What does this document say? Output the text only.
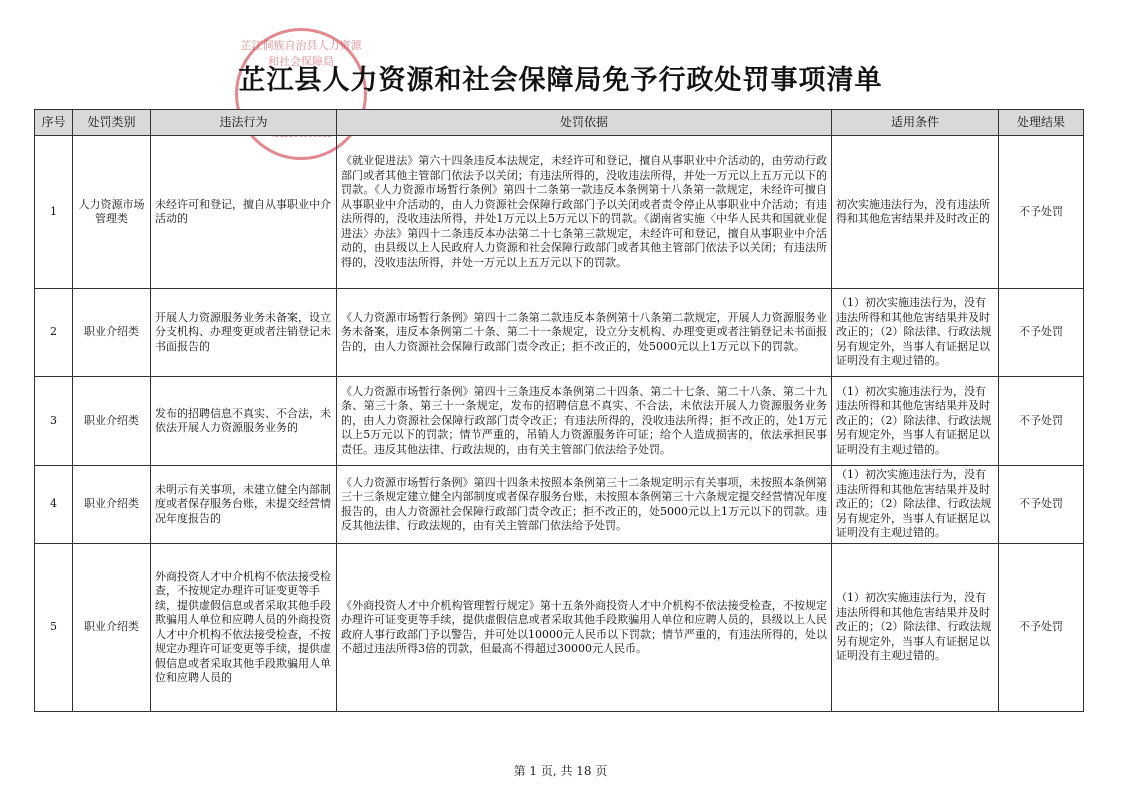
芷江侗族自治县人力资源和社会保障局
芷江县人力资源和社会保障局免予行政处罚事项清单
序号	处罚类别	违法行为	处罚依据	适用条件	处理结果
1	人力资源市场管理类	未经许可和登记，擅自从事职业中介活动的	《就业促进法》第六十四条违反本法规定，未经许可和登记，擅自从事职业中介活动的，由劳动行政部门或者其他主管部门依法予以关闭；有违法所得的，没收违法所得，并处一万元以上五万元以下的罚款。《人力资源市场暂行条例》第四十二条第一款违反本条例第十八条第一款规定，未经许可擅自从事职业中介活动的，由人力资源社会保障行政部门予以关闭或者责令停止从事职业中介活动；有违法所得的，没收违法所得，并处1万元以上5万元以下的罚款。《湖南省实施〈中华人民共和国就业促进法〉办法》第四十二条违反本办法第二十七条第三款规定，未经许可和登记，擅自从事职业中介活动的，由县级以上人民政府人力资源和社会保障行政部门或者其他主管部门依法予以关闭；有违法所得的，没收违法所得，并处一万元以上五万元以下的罚款。	初次实施违法行为，没有违法所得和其他危害结果并及时改正的	不予处罚
2	职业介绍类	开展人力资源服务业务未备案，设立分支机构、办理变更或者注销登记未书面报告的	《人力资源市场暂行条例》第四十二条第二款违反本条例第十八条第二款规定，开展人力资源服务业务未备案，违反本条例第二十条、第二十一条规定，设立分支机构、办理变更或者注销登记未书面报告的，由人力资源社会保障行政部门责令改正；拒不改正的，处5000元以上1万元以下的罚款。	（1）初次实施违法行为，没有违法所得和其他危害结果并及时改正的；（2）除法律、行政法规另有规定外，当事人有证据足以证明没有主观过错的。	不予处罚
3	职业介绍类	发布的招聘信息不真实、不合法，未依法开展人力资源服务业务的	《人力资源市场暂行条例》第四十三条违反本条例第二十四条、第二十七条、第二十八条、第二十九条、第三十条、第三十一条规定，发布的招聘信息不真实、不合法，未依法开展人力资源服务业务的，由人力资源社会保障行政部门责令改正；有违法所得的，没收违法所得；拒不改正的，处1万元以上5万元以下的罚款；情节严重的，吊销人力资源服务许可证；给个人造成损害的，依法承担民事责任。违反其他法律、行政法规的，由有关主管部门依法给予处罚。	（1）初次实施违法行为，没有违法所得和其他危害结果并及时改正的；（2）除法律、行政法规另有规定外，当事人有证据足以证明没有主观过错的。	不予处罚
4	职业介绍类	未明示有关事项，未建立健全内部制度或者保存服务台账，未提交经营情况年度报告的	《人力资源市场暂行条例》第四十四条未按照本条例第三十二条规定明示有关事项，未按照本条例第三十三条规定建立健全内部制度或者保存服务台账，未按照本条例第三十六条规定提交经营情况年度报告的，由人力资源社会保障行政部门责令改正；拒不改正的，处5000元以上1万元以下的罚款。违反其他法律、行政法规的，由有关主管部门依法给予处罚。	（1）初次实施违法行为，没有违法所得和其他危害结果并及时改正的；（2）除法律、行政法规另有规定外，当事人有证据足以证明没有主观过错的。	不予处罚
5	职业介绍类	外商投资人才中介机构不依法接受检查，不按规定办理许可证变更等手续，提供虚假信息或者采取其他手段欺骗用人单位和应聘人员的外商投资人才中介机构不依法接受检查，不按规定办理许可证变更等手续，提供虚假信息或者采取其他手段欺骗用人单位和应聘人员的	《外商投资人才中介机构管理暂行规定》第十五条外商投资人才中介机构不依法接受检查，不按规定办理许可证变更等手续，提供虚假信息或者采取其他手段欺骗用人单位和应聘人员的，县级以上人民政府人事行政部门予以警告，并可处以10000元人民币以下罚款；情节严重的，有违法所得的，处以不超过违法所得3倍的罚款，但最高不得超过30000元人民币。	（1）初次实施违法行为，没有违法所得和其他危害结果并及时改正的；（2）除法律、行政法规另有规定外，当事人有证据足以证明没有主观过错的。	不予处罚
第 1 页, 共 18 页
